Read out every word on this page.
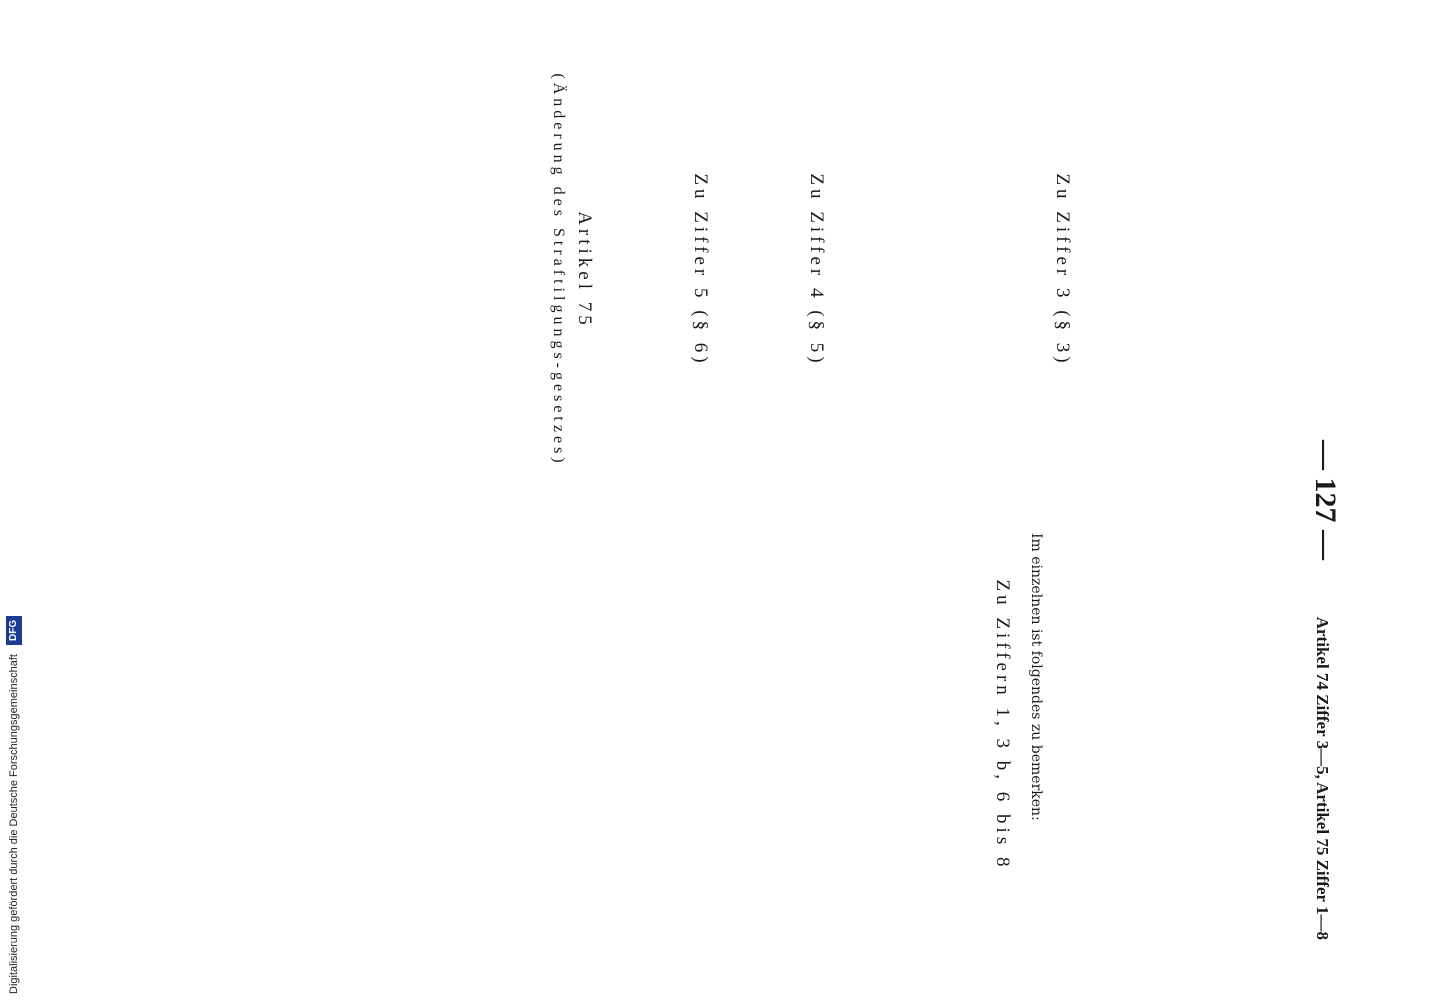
— 127 —
Artikel 74 Ziffer 3—5, Artikel 75 Ziffer 1—8
Zu Ziffer 3 (§ 3)
Zu Ziffer 4 (§ 5)
Zu Ziffer 5 (§ 6)
Artikel 75
(Änderung des Straftilgungs-gesetzes)

Im einzelnen ist folgendes zu bemerken:

Zu Ziffern 1, 3 b, 6 bis 8
Digitalisierung gefördert durch die Deutsche Forschungsgemeinschaft DFG
